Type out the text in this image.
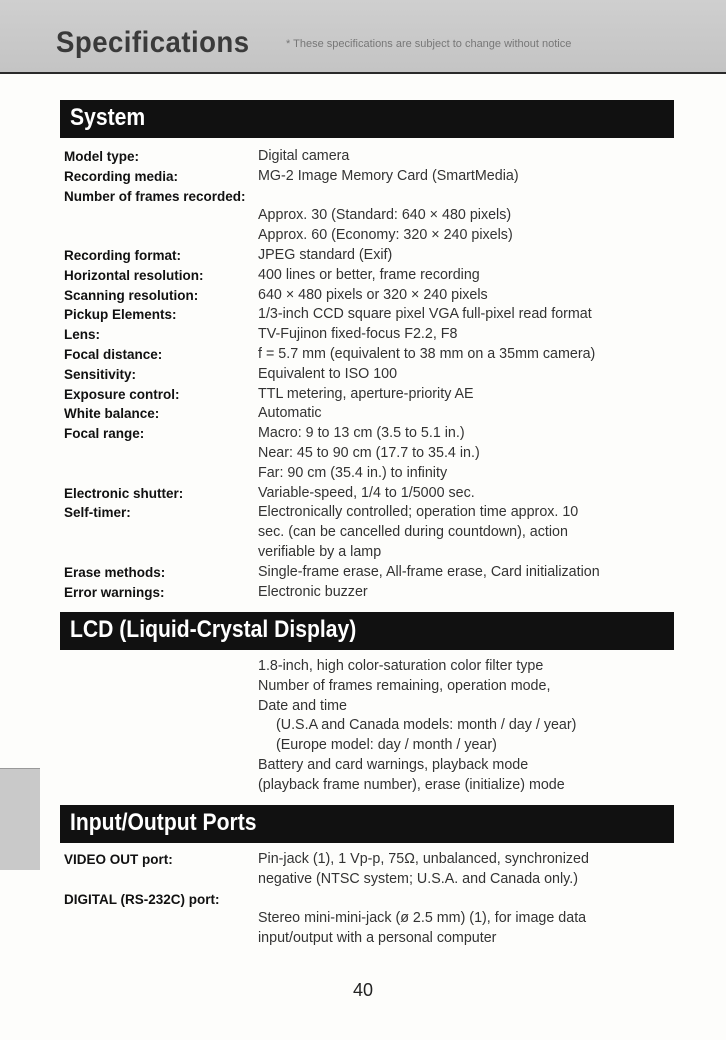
Specifications	* These specifications are subject to change without notice
System
Model type:	Digital camera
Recording media:	MG-2 Image Memory Card (SmartMedia)
Number of frames recorded:

Approx. 30 (Standard: 640 × 480 pixels)
Approx. 60 (Economy: 320 × 240 pixels)
Recording format:	JPEG standard (Exif)
Horizontal resolution:	400 lines or better, frame recording
Scanning resolution:	640 × 480 pixels or 320 × 240 pixels
Pickup Elements:	1/3-inch CCD square pixel VGA full-pixel read format
Lens:	TV-Fujinon fixed-focus F2.2, F8
Focal distance:	f = 5.7 mm (equivalent to 38 mm on a 35mm camera)
Sensitivity:	Equivalent to ISO 100
Exposure control:	TTL metering, aperture-priority AE
White balance:	Automatic
Focal range:	Macro: 9 to 13 cm (3.5 to 5.1 in.)
Near: 45 to 90 cm (17.7 to 35.4 in.)
Far: 90 cm (35.4 in.) to infinity
Electronic shutter:	Variable-speed, 1/4 to 1/5000 sec.
Self-timer:	Electronically controlled; operation time approx. 10
sec. (can be cancelled during countdown), action
verifiable by a lamp
Erase methods:	Single-frame erase, All-frame erase, Card initialization
Error warnings:	Electronic buzzer
LCD (Liquid-Crystal Display)
1.8-inch, high color-saturation color filter type
Number of frames remaining, operation mode,
Date and time
(U.S.A and Canada models: month / day / year)
(Europe model: day / month / year)
Battery and card warnings, playback mode
(playback frame number), erase (initialize) mode
Input/Output Ports
VIDEO OUT port:	Pin-jack (1), 1 Vp-p, 75Ω, unbalanced, synchronized
negative (NTSC system; U.S.A. and Canada only.)
DIGITAL (RS-232C) port:

Stereo mini-mini-jack (ø 2.5 mm) (1), for image data
input/output with a personal computer
40
